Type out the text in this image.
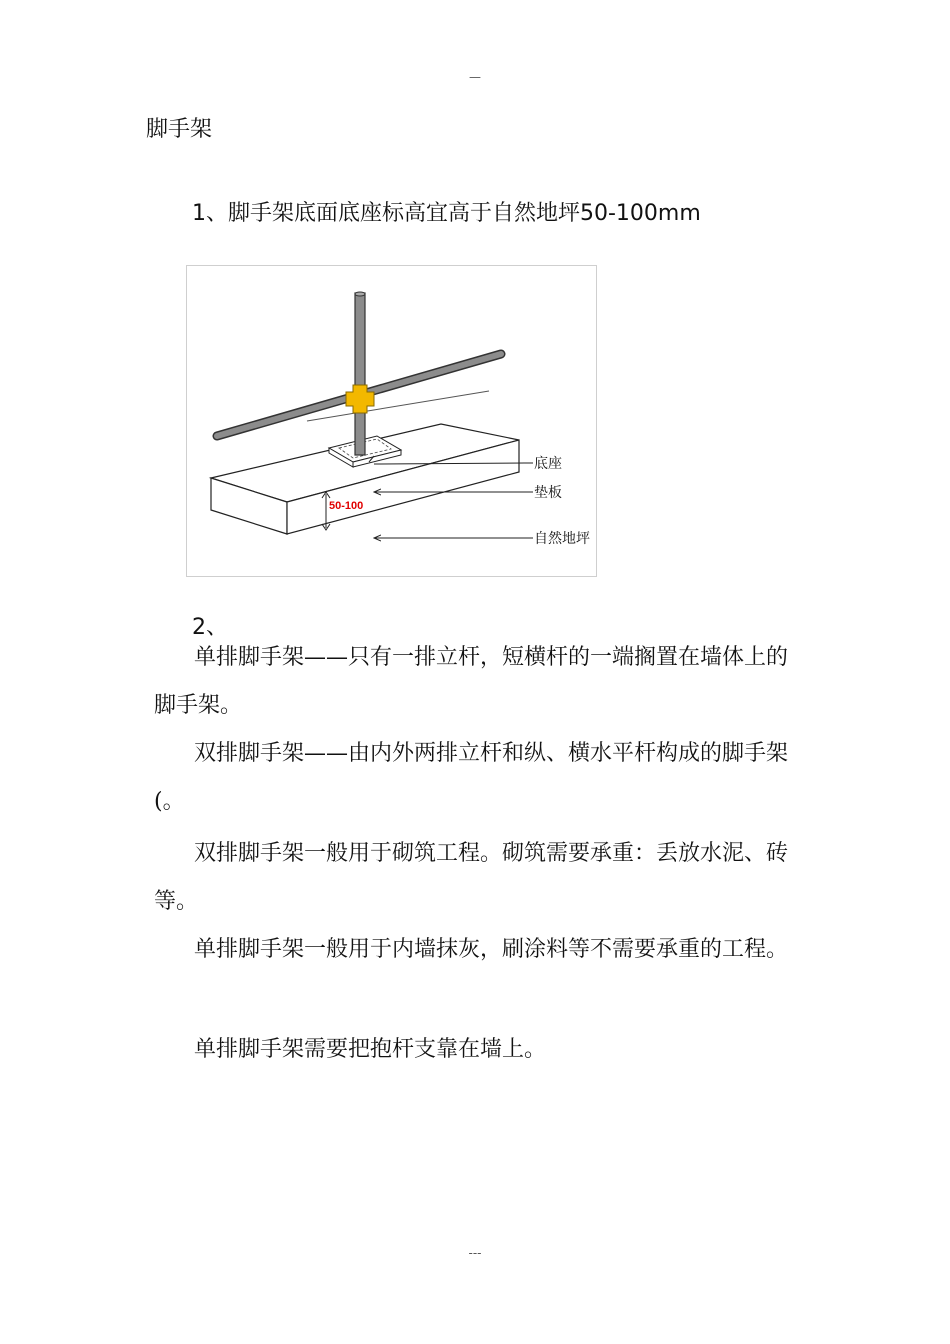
—
脚手架
1、脚手架底面底座标高宜高于自然地坪50-100mm
底座
垫板
自然地坪
50-100
2、
单排脚手架——只有一排立杆，短横杆的一端搁置在墙体上的脚手架。
双排脚手架——由内外两排立杆和纵、横水平杆构成的脚手架(。
双排脚手架一般用于砌筑工程。砌筑需要承重：丢放水泥、砖等。
单排脚手架一般用于内墙抹灰，刷涂料等不需要承重的工程。
单排脚手架需要把抱杆支靠在墙上。
---
